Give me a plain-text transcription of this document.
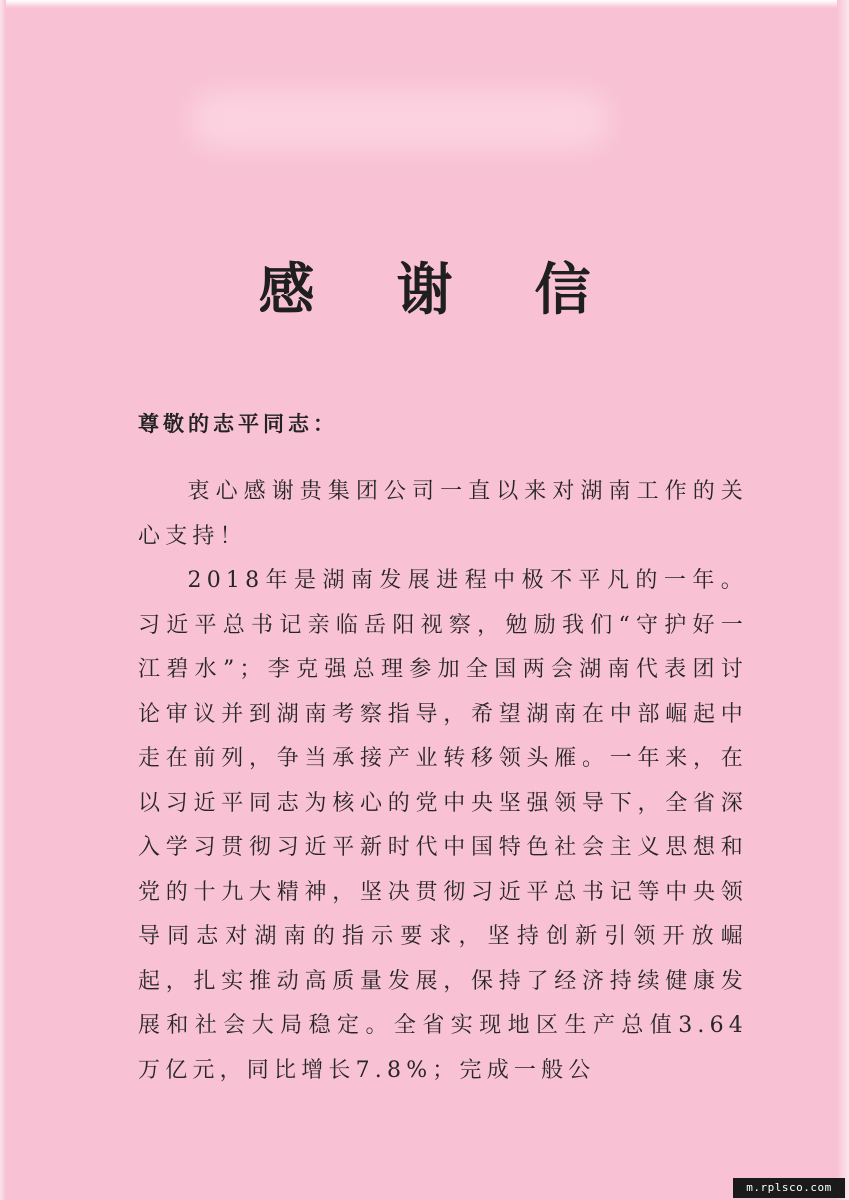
感谢信
尊敬的志平同志：

衷心感谢贵集团公司一直以来对湖南工作的关心支持！

2018年是湖南发展进程中极不平凡的一年。习近平总书记亲临岳阳视察，勉励我们“守护好一江碧水”；李克强总理参加全国两会湖南代表团讨论审议并到湖南考察指导，希望湖南在中部崛起中走在前列，争当承接产业转移领头雁。一年来，在以习近平同志为核心的党中央坚强领导下，全省深入学习贯彻习近平新时代中国特色社会主义思想和党的十九大精神，坚决贯彻习近平总书记等中央领导同志对湖南的指示要求，坚持创新引领开放崛起，扎实推动高质量发展，保持了经济持续健康发展和社会大局稳定。全省实现地区生产总值3.64万亿元，同比增长7.8%；完成一般公

m.rplsco.com
